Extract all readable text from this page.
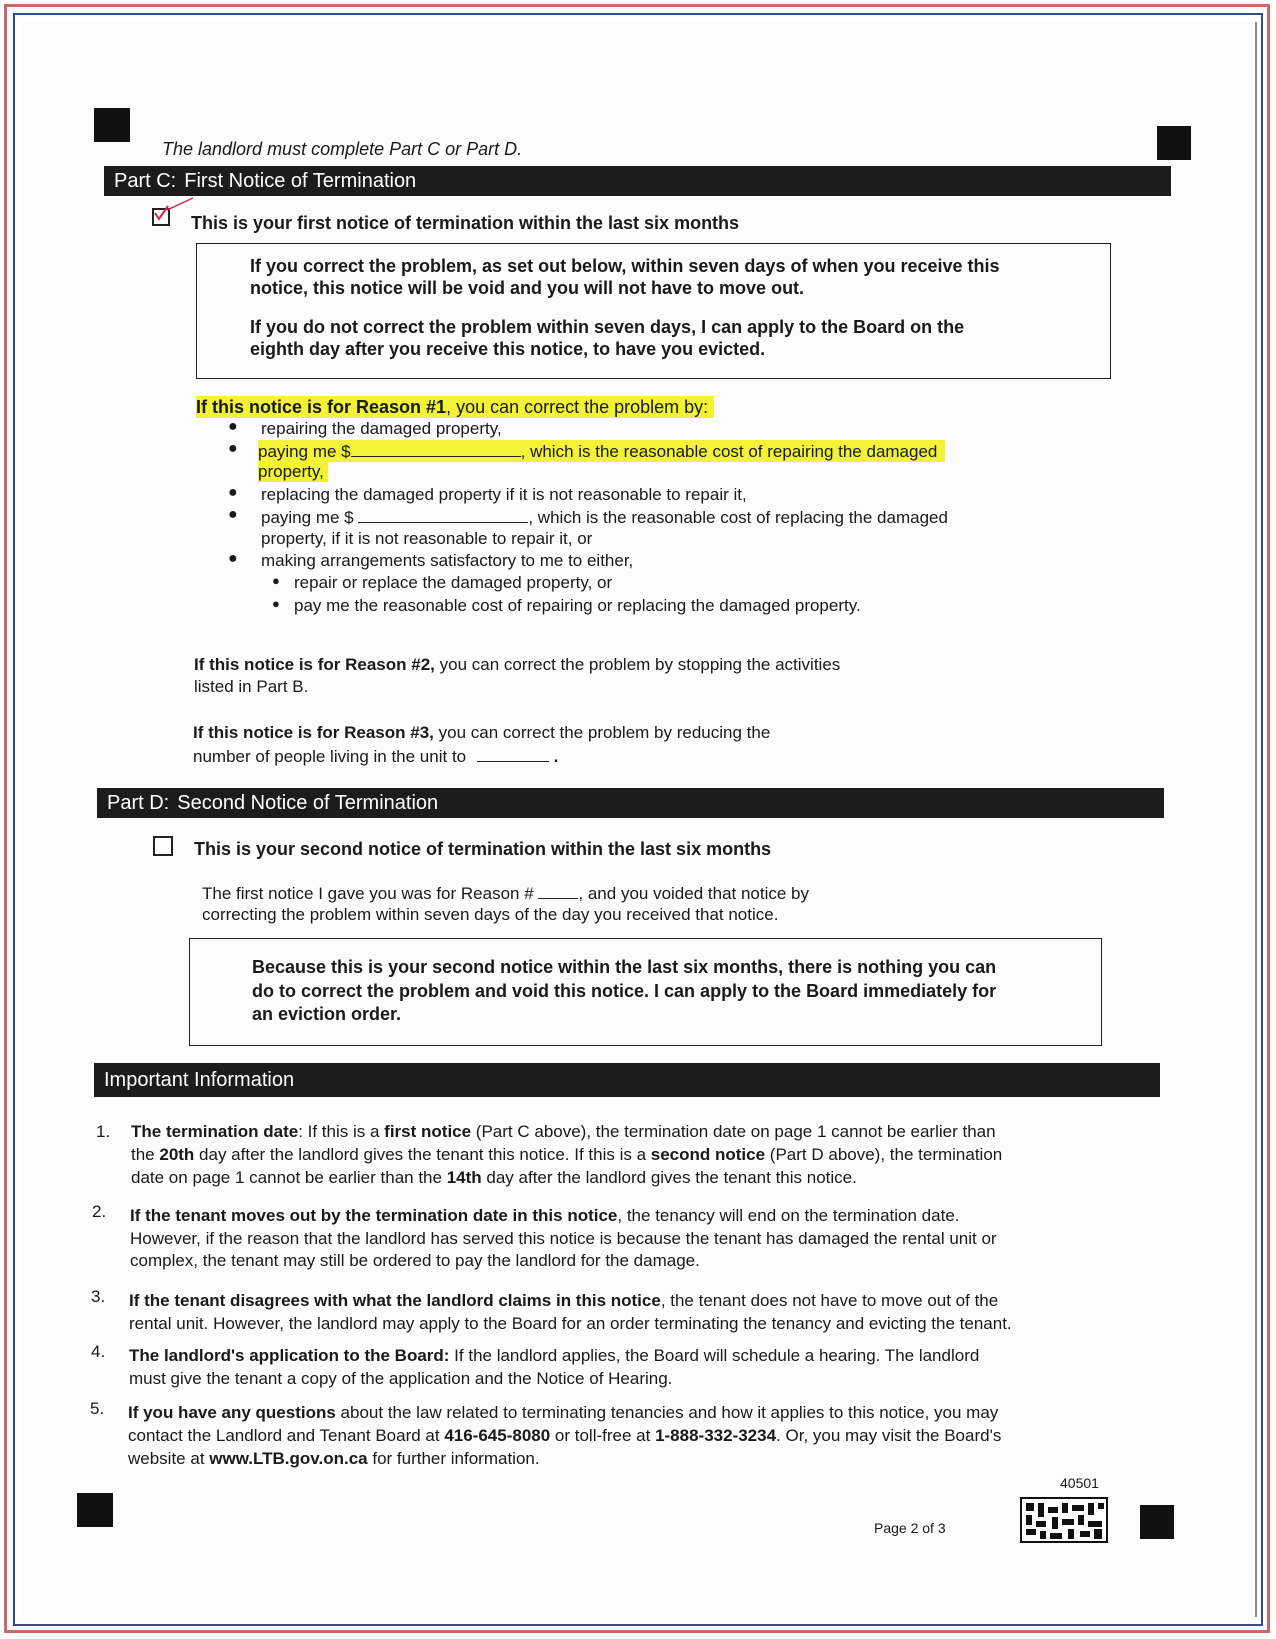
The landlord must complete Part C or Part D.
Part C: First Notice of Termination
This is your first notice of termination within the last six months
If you correct the problem, as set out below, within seven days of when you receive this
notice, this notice will be void and you will not have to move out.
If you do not correct the problem within seven days, I can apply to the Board on the
eighth day after you receive this notice, to have you evicted.
If this notice is for Reason #1, you can correct the problem by:
● repairing the damaged property,
● paying me $	, which is the reasonable cost of repairing the damaged
property,
● replacing the damaged property if it is not reasonable to repair it,
● paying me $	, which is the reasonable cost of replacing the damaged
property, if it is not reasonable to repair it, or
● making arrangements satisfactory to me to either,
● repair or replace the damaged property, or
● pay me the reasonable cost of repairing or replacing the damaged property.
If this notice is for Reason #2, you can correct the problem by stopping the activities
listed in Part B.
If this notice is for Reason #3, you can correct the problem by reducing the
number of people living in the unit to	.
Part D: Second Notice of Termination
This is your second notice of termination within the last six months
The first notice I gave you was for Reason #	, and you voided that notice by
correcting the problem within seven days of the day you received that notice.
Because this is your second notice within the last six months, there is nothing you can
do to correct the problem and void this notice. I can apply to the Board immediately for
an eviction order.
Important Information
1. The termination date: If this is a first notice (Part C above), the termination date on page 1 cannot be earlier than
the 20th day after the landlord gives the tenant this notice. If this is a second notice (Part D above), the termination
date on page 1 cannot be earlier than the 14th day after the landlord gives the tenant this notice.
2. If the tenant moves out by the termination date in this notice, the tenancy will end on the termination date.
However, if the reason that the landlord has served this notice is because the tenant has damaged the rental unit or
complex, the tenant may still be ordered to pay the landlord for the damage.
3. If the tenant disagrees with what the landlord claims in this notice, the tenant does not have to move out of the
rental unit. However, the landlord may apply to the Board for an order terminating the tenancy and evicting the tenant.
4. The landlord's application to the Board: If the landlord applies, the Board will schedule a hearing. The landlord
must give the tenant a copy of the application and the Notice of Hearing.
5. If you have any questions about the law related to terminating tenancies and how it applies to this notice, you may
contact the Landlord and Tenant Board at 416-645-8080 or toll-free at 1-888-332-3234. Or, you may visit the Board's
website at www.LTB.gov.on.ca for further information.
40501
Page 2 of 3
